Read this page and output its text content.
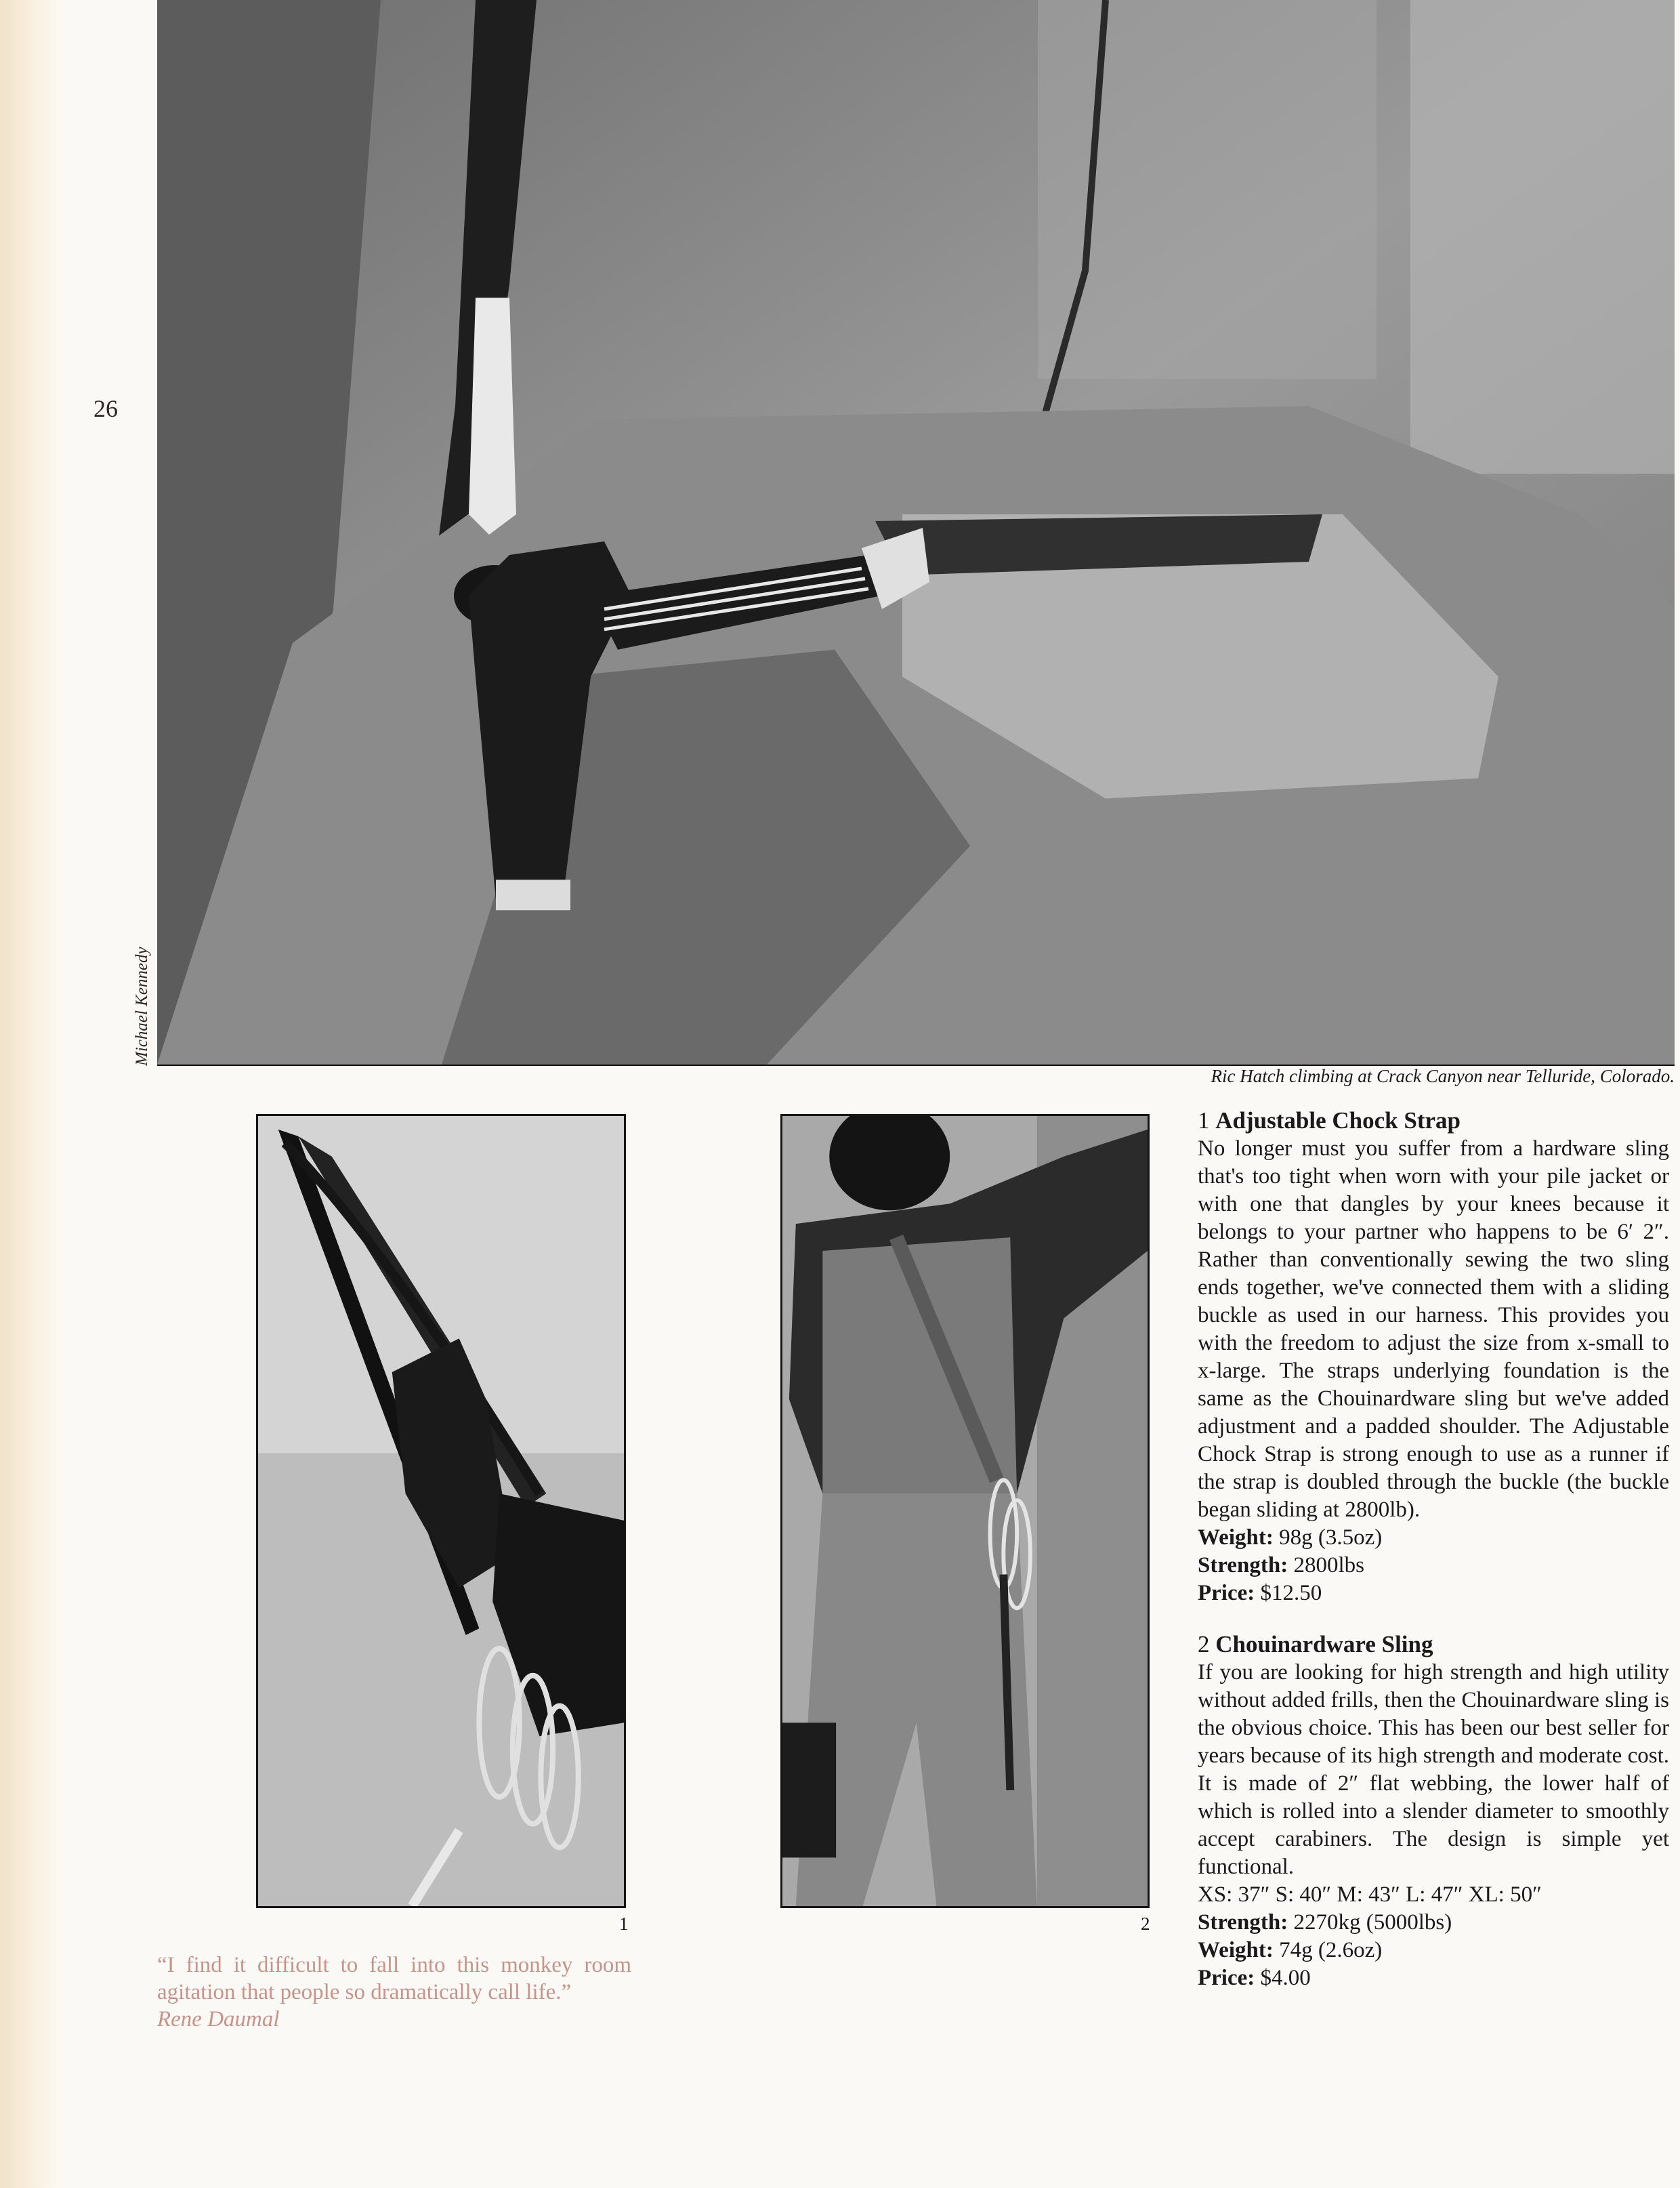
26
Michael Kennedy
Ric Hatch climbing at Crack Canyon near Telluride, Colorado.
1	2
“I find it difficult to fall into this monkey room agitation that people so dramatically call life.”
Rene Daumal
1 Adjustable Chock Strap

No longer must you suffer from a hardware sling that's too tight when worn with your pile jacket or with one that dangles by your knees because it belongs to your partner who happens to be 6′ 2″. Rather than conventionally sewing the two sling ends together, we've connected them with a sliding buckle as used in our harness. This provides you with the freedom to adjust the size from x-small to x-large. The straps underlying foundation is the same as the Chouinardware sling but we've added adjustment and a padded shoulder. The Adjustable Chock Strap is strong enough to use as a runner if the strap is doubled through the buckle (the buckle began sliding at 2800lb).

Weight: 98g (3.5oz)
Strength: 2800lbs
Price: $12.50
2 Chouinardware Sling

If you are looking for high strength and high utility without added frills, then the Chouinardware sling is the obvious choice. This has been our best seller for years because of its high strength and moderate cost. It is made of 2″ flat webbing, the lower half of which is rolled into a slender diameter to smoothly accept carabiners. The design is simple yet functional.

XS: 37″ S: 40″ M: 43″ L: 47″ XL: 50″
Strength: 2270kg (5000lbs)
Weight: 74g (2.6oz)
Price: $4.00
